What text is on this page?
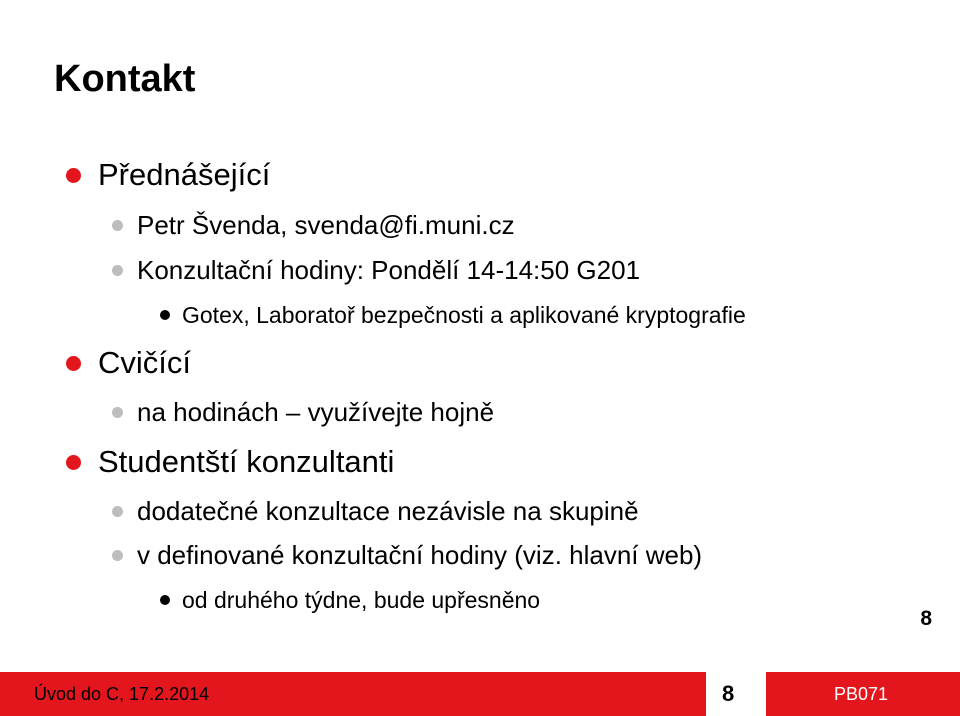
Kontakt
Přednášející
Petr Švenda, svenda@fi.muni.cz
Konzultační hodiny: Pondělí 14-14:50 G201
Gotex, Laboratoř bezpečnosti a aplikované kryptografie
Cvičící
na hodinách – využívejte hojně
Studentští konzultanti
dodatečné konzultace nezávisle na skupině
v definované konzultační hodiny (viz. hlavní web)
od druhého týdne, bude upřesněno
8
Úvod do C, 17.2.2014	8	PB071
